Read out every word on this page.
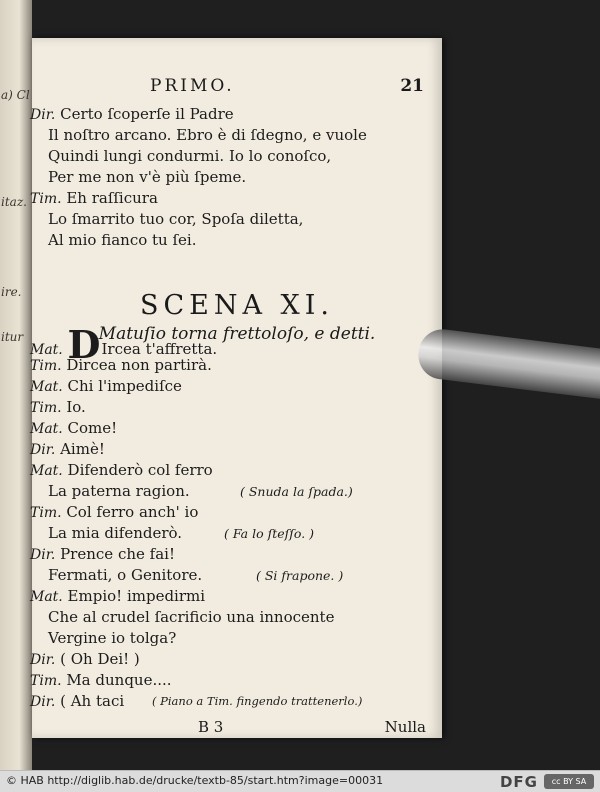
a) Cl
itaz.
ire.
itur
PRIMO.	21
Dir. Certo ſcoperſe il Padre
Il noſtro arcano. Ebro è di ſdegno, e vuole
Quindi lungi condurmi. Io lo conoſco,
Per me non v'è più ſpeme.
Tim. Eh raſſicura
Lo ſmarrito tuo cor, Spoſa diletta,
Al mio fianco tu ſei.
SCENA XI.
Matuſio torna frettoloſo, e detti.
Mat. DIrcea t'affretta.
Tim. Dircea non partirà.
Mat. Chi l'impediſce
Tim. Io.
Mat. Come!
Dir. Aimè!
Mat. Difenderò col ferro
La paterna ragion.	( Snuda la ſpada.)
Tim. Col ferro anch' io
La mia difenderò.	( Fa lo ſteſſo. )
Dir. Prence che fai!
Fermati, o Genitore.	( Si frapone. )
Mat. Empio! impedirmi
Che al crudel ſacrificio una innocente
Vergine io tolga?
Dir. ( Oh Dei! )
Tim. Ma dunque....
Dir. ( Ah taci ( Piano a Tim. fingendo trattenerlo.)
B 3	Nulla
© HAB http://diglib.hab.de/drucke/textb-85/start.htm?image=00031	DFG	cc BY SA
